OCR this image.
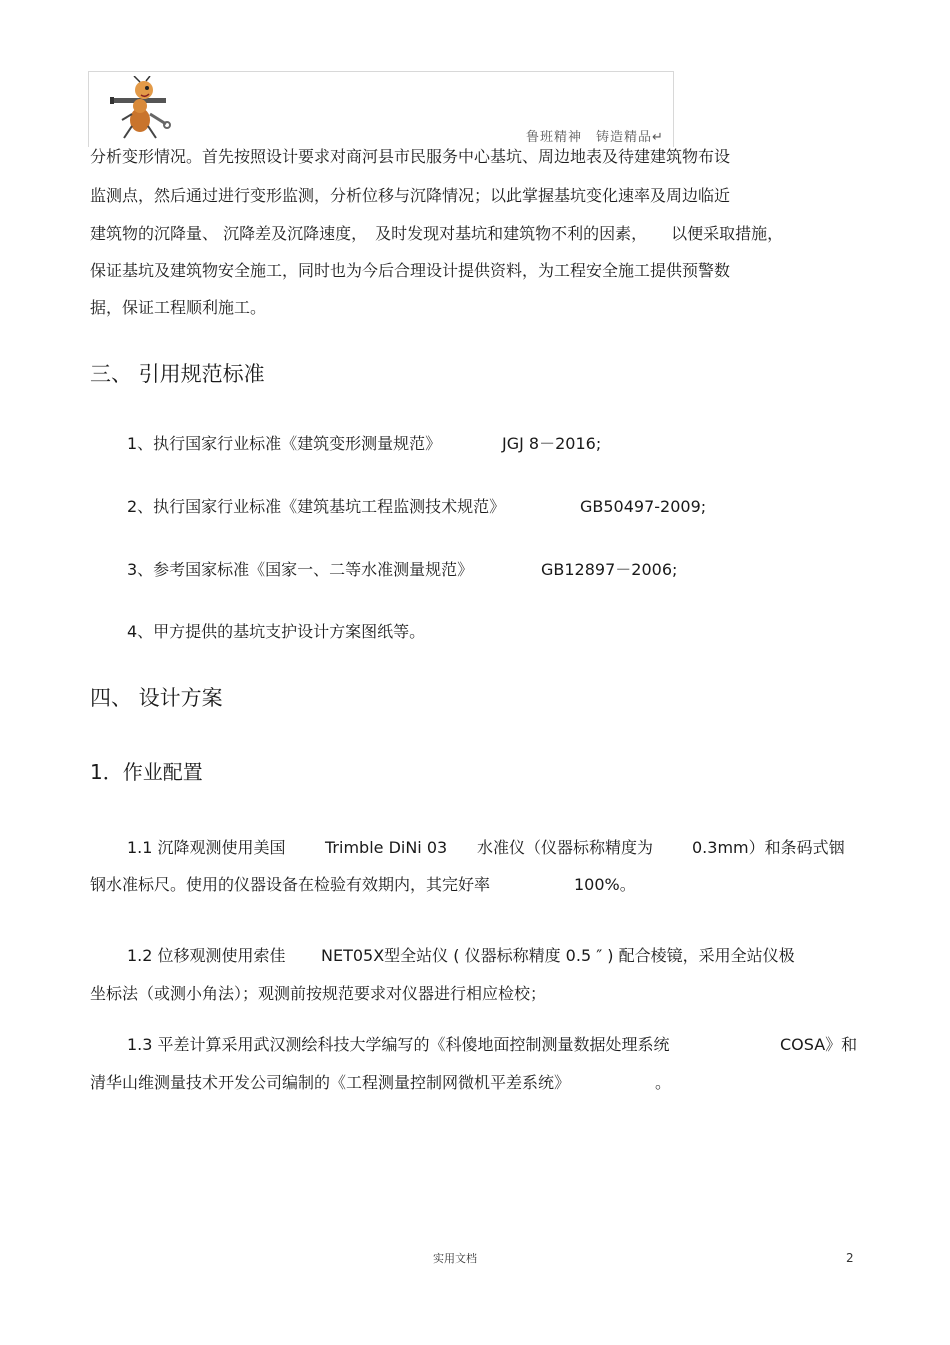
鲁班精神　铸造精品↵
分析变形情况。首先按照设计要求对商河县市民服务中心基坑、周边地表及待建建筑物布设
监测点，然后通过进行变形监测，分析位移与沉降情况；以此掌握基坑变化速率及周边临近
建筑物的沉降量、 沉降差及沉降速度，　及时发现对基坑和建筑物不利的因素，　　以便采取措施，
保证基坑及建筑物安全施工，同时也为今后合理设计提供资料，为工程安全施工提供预警数
据，保证工程顺利施工。
三、 引用规范标准
1、执行国家行业标准《建筑变形测量规范》	JGJ 8－2016;
2、执行国家行业标准《建筑基坑工程监测技术规范》	GB50497-2009;
3、参考国家标准《国家一、二等水准测量规范》	GB12897－2006;
4、甲方提供的基坑支护设计方案图纸等。
四、 设计方案
1．作业配置
1.1 沉降观测使用美国 Trimble DiNi 03 水准仪（仪器标称精度为 0.3mm）和条码式铟
钢水准标尺。使用的仪器设备在检验有效期内，其完好率	100%。
1.2 位移观测使用索佳 NET05X型全站仪 ( 仪器标称精度 0.5 ″ ) 配合棱镜，采用全站仪极
坐标法（或测小角法）；观测前按规范要求对仪器进行相应检校；
1.3 平差计算采用武汉测绘科技大学编写的《科傻地面控制测量数据处理系统	COSA》和
清华山维测量技术开发公司编制的《工程测量控制网微机平差系统》	。
实用文档	2
